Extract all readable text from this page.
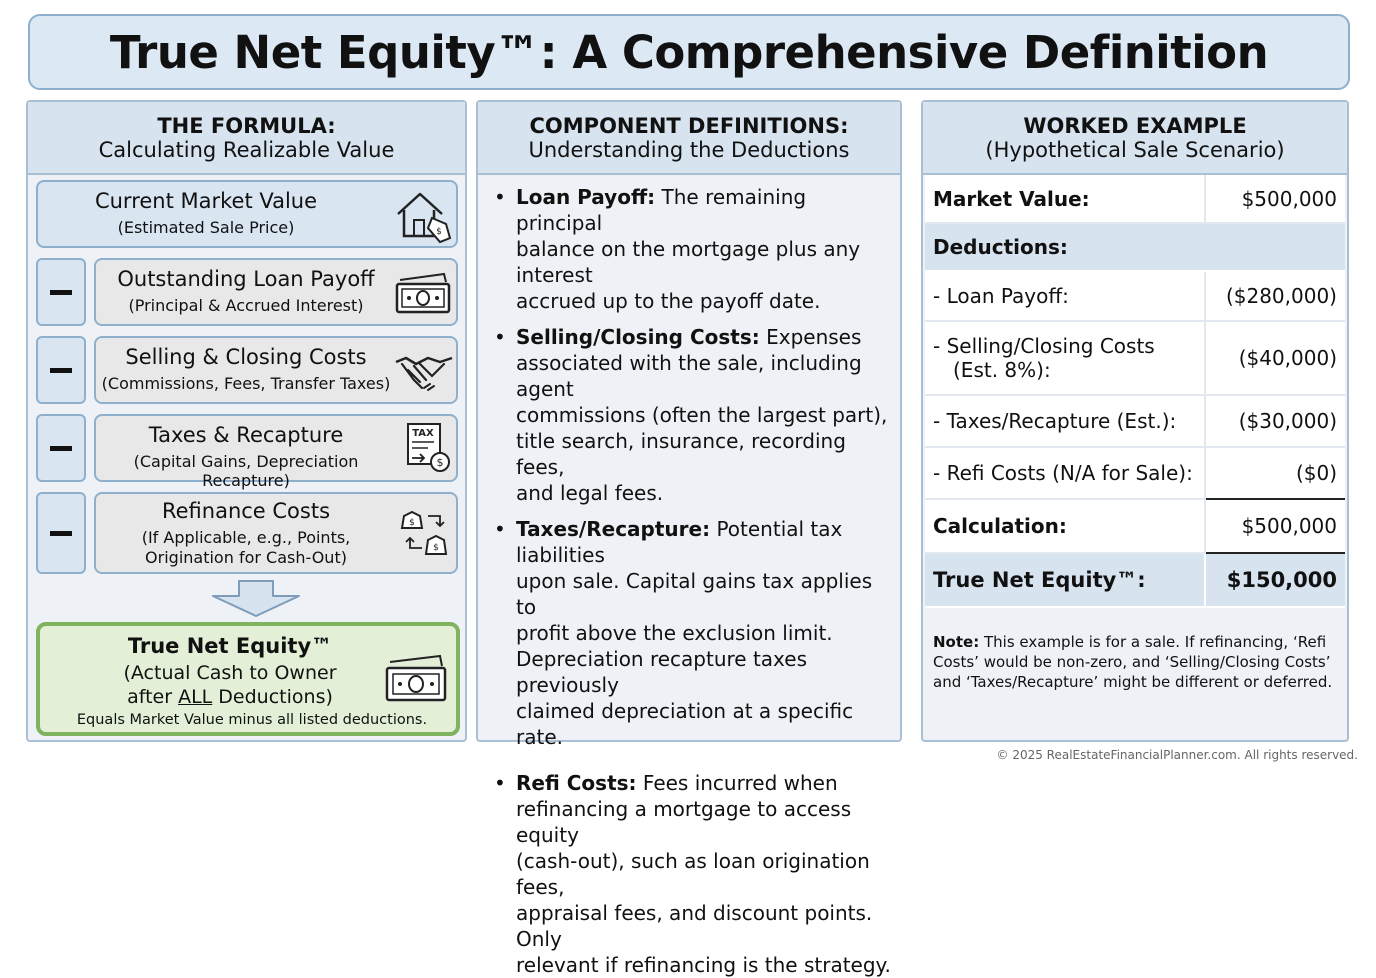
True Net Equity™: A Comprehensive Definition
THE FORMULA:
Calculating Realizable Value
Current Market Value
(Estimated Sale Price)	$
Outstanding Loan Payoff
(Principal & Accrued Interest)
Selling & Closing Costs
(Commissions, Fees, Transfer Taxes)
Taxes & Recapture
(Capital Gains, Depreciation Recapture)
TAX
$
Refinance Costs
(If Applicable, e.g., Points,
Origination for Cash-Out)
$
$
True Net Equity™
(Actual Cash to Owner
after ALL Deductions)
Equals Market Value minus all listed deductions.
COMPONENT DEFINITIONS:
Understanding the Deductions
• Loan Payoff: The remaining principal
balance on the mortgage plus any interest
accrued up to the payoff date.
• Selling/Closing Costs: Expenses
associated with the sale, including agent
commissions (often the largest part),
title search, insurance, recording fees,
and legal fees.
• Taxes/Recapture: Potential tax liabilities
upon sale. Capital gains tax applies to
profit above the exclusion limit.
Depreciation recapture taxes previously
claimed depreciation at a specific rate.
• Refi Costs: Fees incurred when
refinancing a mortgage to access equity
(cash-out), such as loan origination fees,
appraisal fees, and discount points. Only
relevant if refinancing is the strategy.
WORKED EXAMPLE
(Hypothetical Sale Scenario)
Market Value:	$500,000
Deductions:	
- Loan Payoff:	($280,000)
- Selling/Closing Costs
(Est. 8%):	($40,000)
- Taxes/Recapture (Est.):	($30,000)
- Refi Costs (N/A for Sale):	($0)
Calculation:	$500,000
True Net Equity™:	$150,000
Note: This example is for a sale. If refinancing, ‘Refi Costs’ would be non-zero, and ‘Selling/Closing Costs’ and ‘Taxes/Recapture’ might be different or deferred.
© 2025 RealEstateFinancialPlanner.com. All rights reserved.
